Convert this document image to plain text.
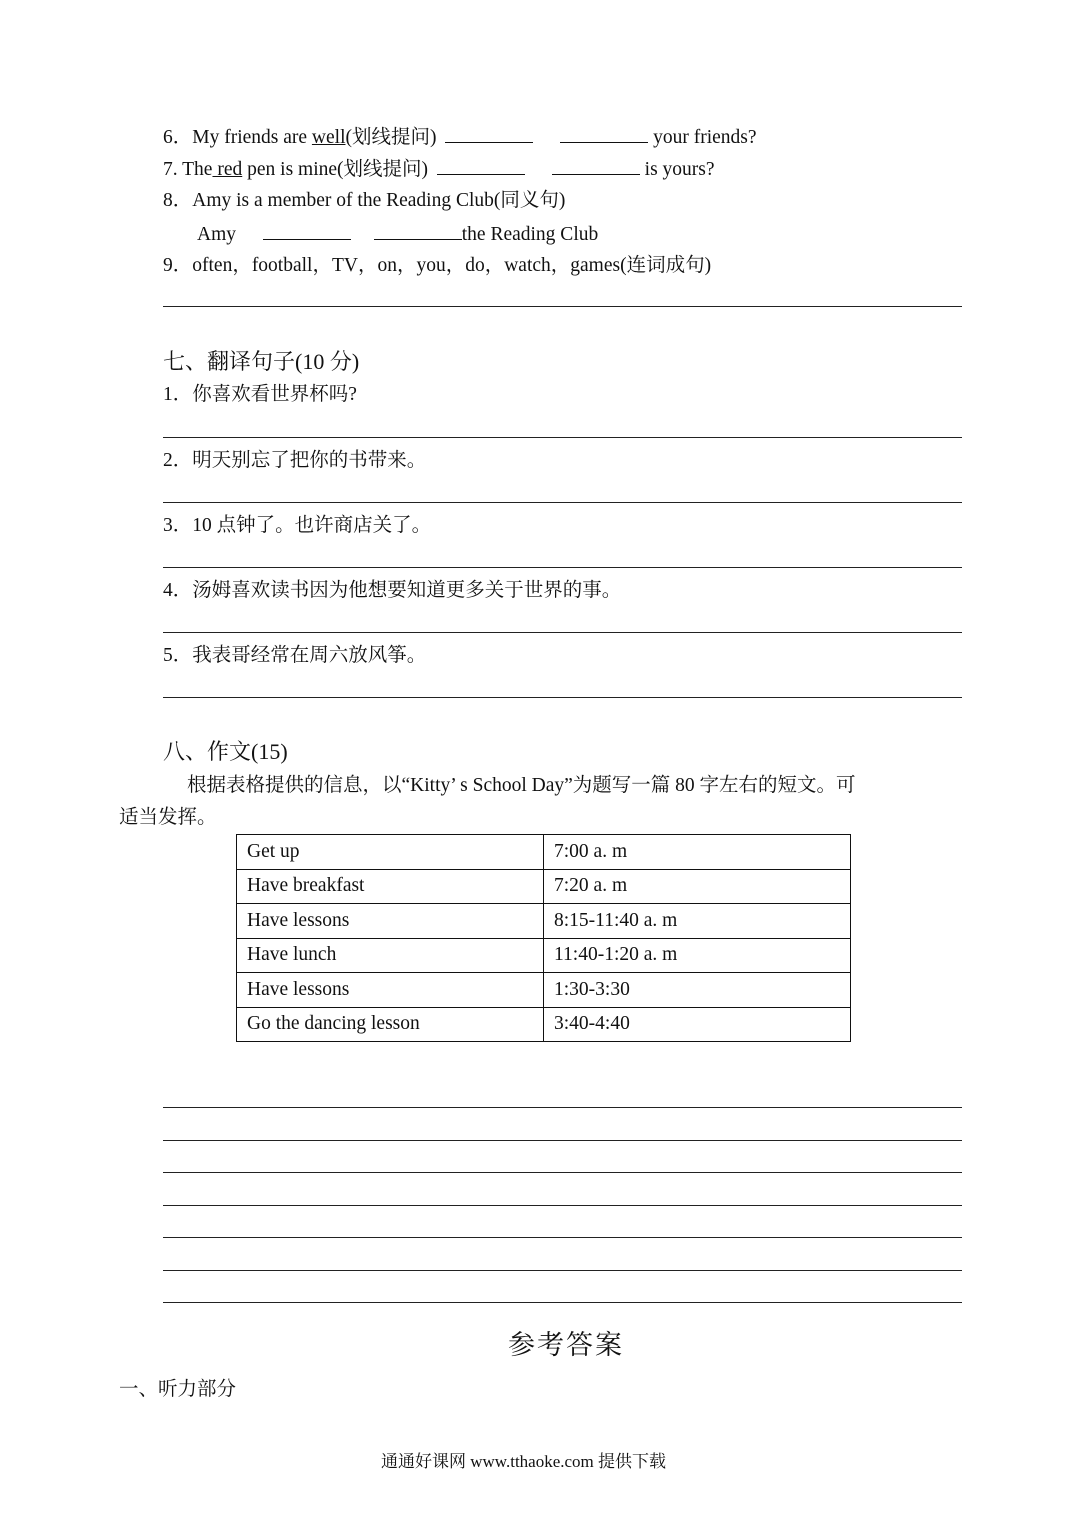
6．My friends are well(划线提问)	your friends?
7. The red pen is mine(划线提问)	is yours?
8．Amy is a member of the Reading Club(同义句)
Amy	the Reading Club
9．often，football，TV，on，you，do，watch，games(连词成句)
七、翻译句子(10 分)
1．你喜欢看世界杯吗?
2．明天别忘了把你的书带来。
3．10 点钟了。也许商店关了。
4．汤姆喜欢读书因为他想要知道更多关于世界的事。
5．我表哥经常在周六放风筝。
八、作文(15)
根据表格提供的信息，以“Kitty’ s School Day”为题写一篇 80 字左右的短文。可
适当发挥。
Get up	7:00 a. m
Have breakfast	7:20 a. m
Have lessons	8:15-11:40 a. m
Have lunch	11:40-1:20 a. m
Have lessons	1:30-3:30
Go the dancing lesson	3:40-4:40
参考答案
一、听力部分
通通好课网 www.tthaoke.com 提供下载
